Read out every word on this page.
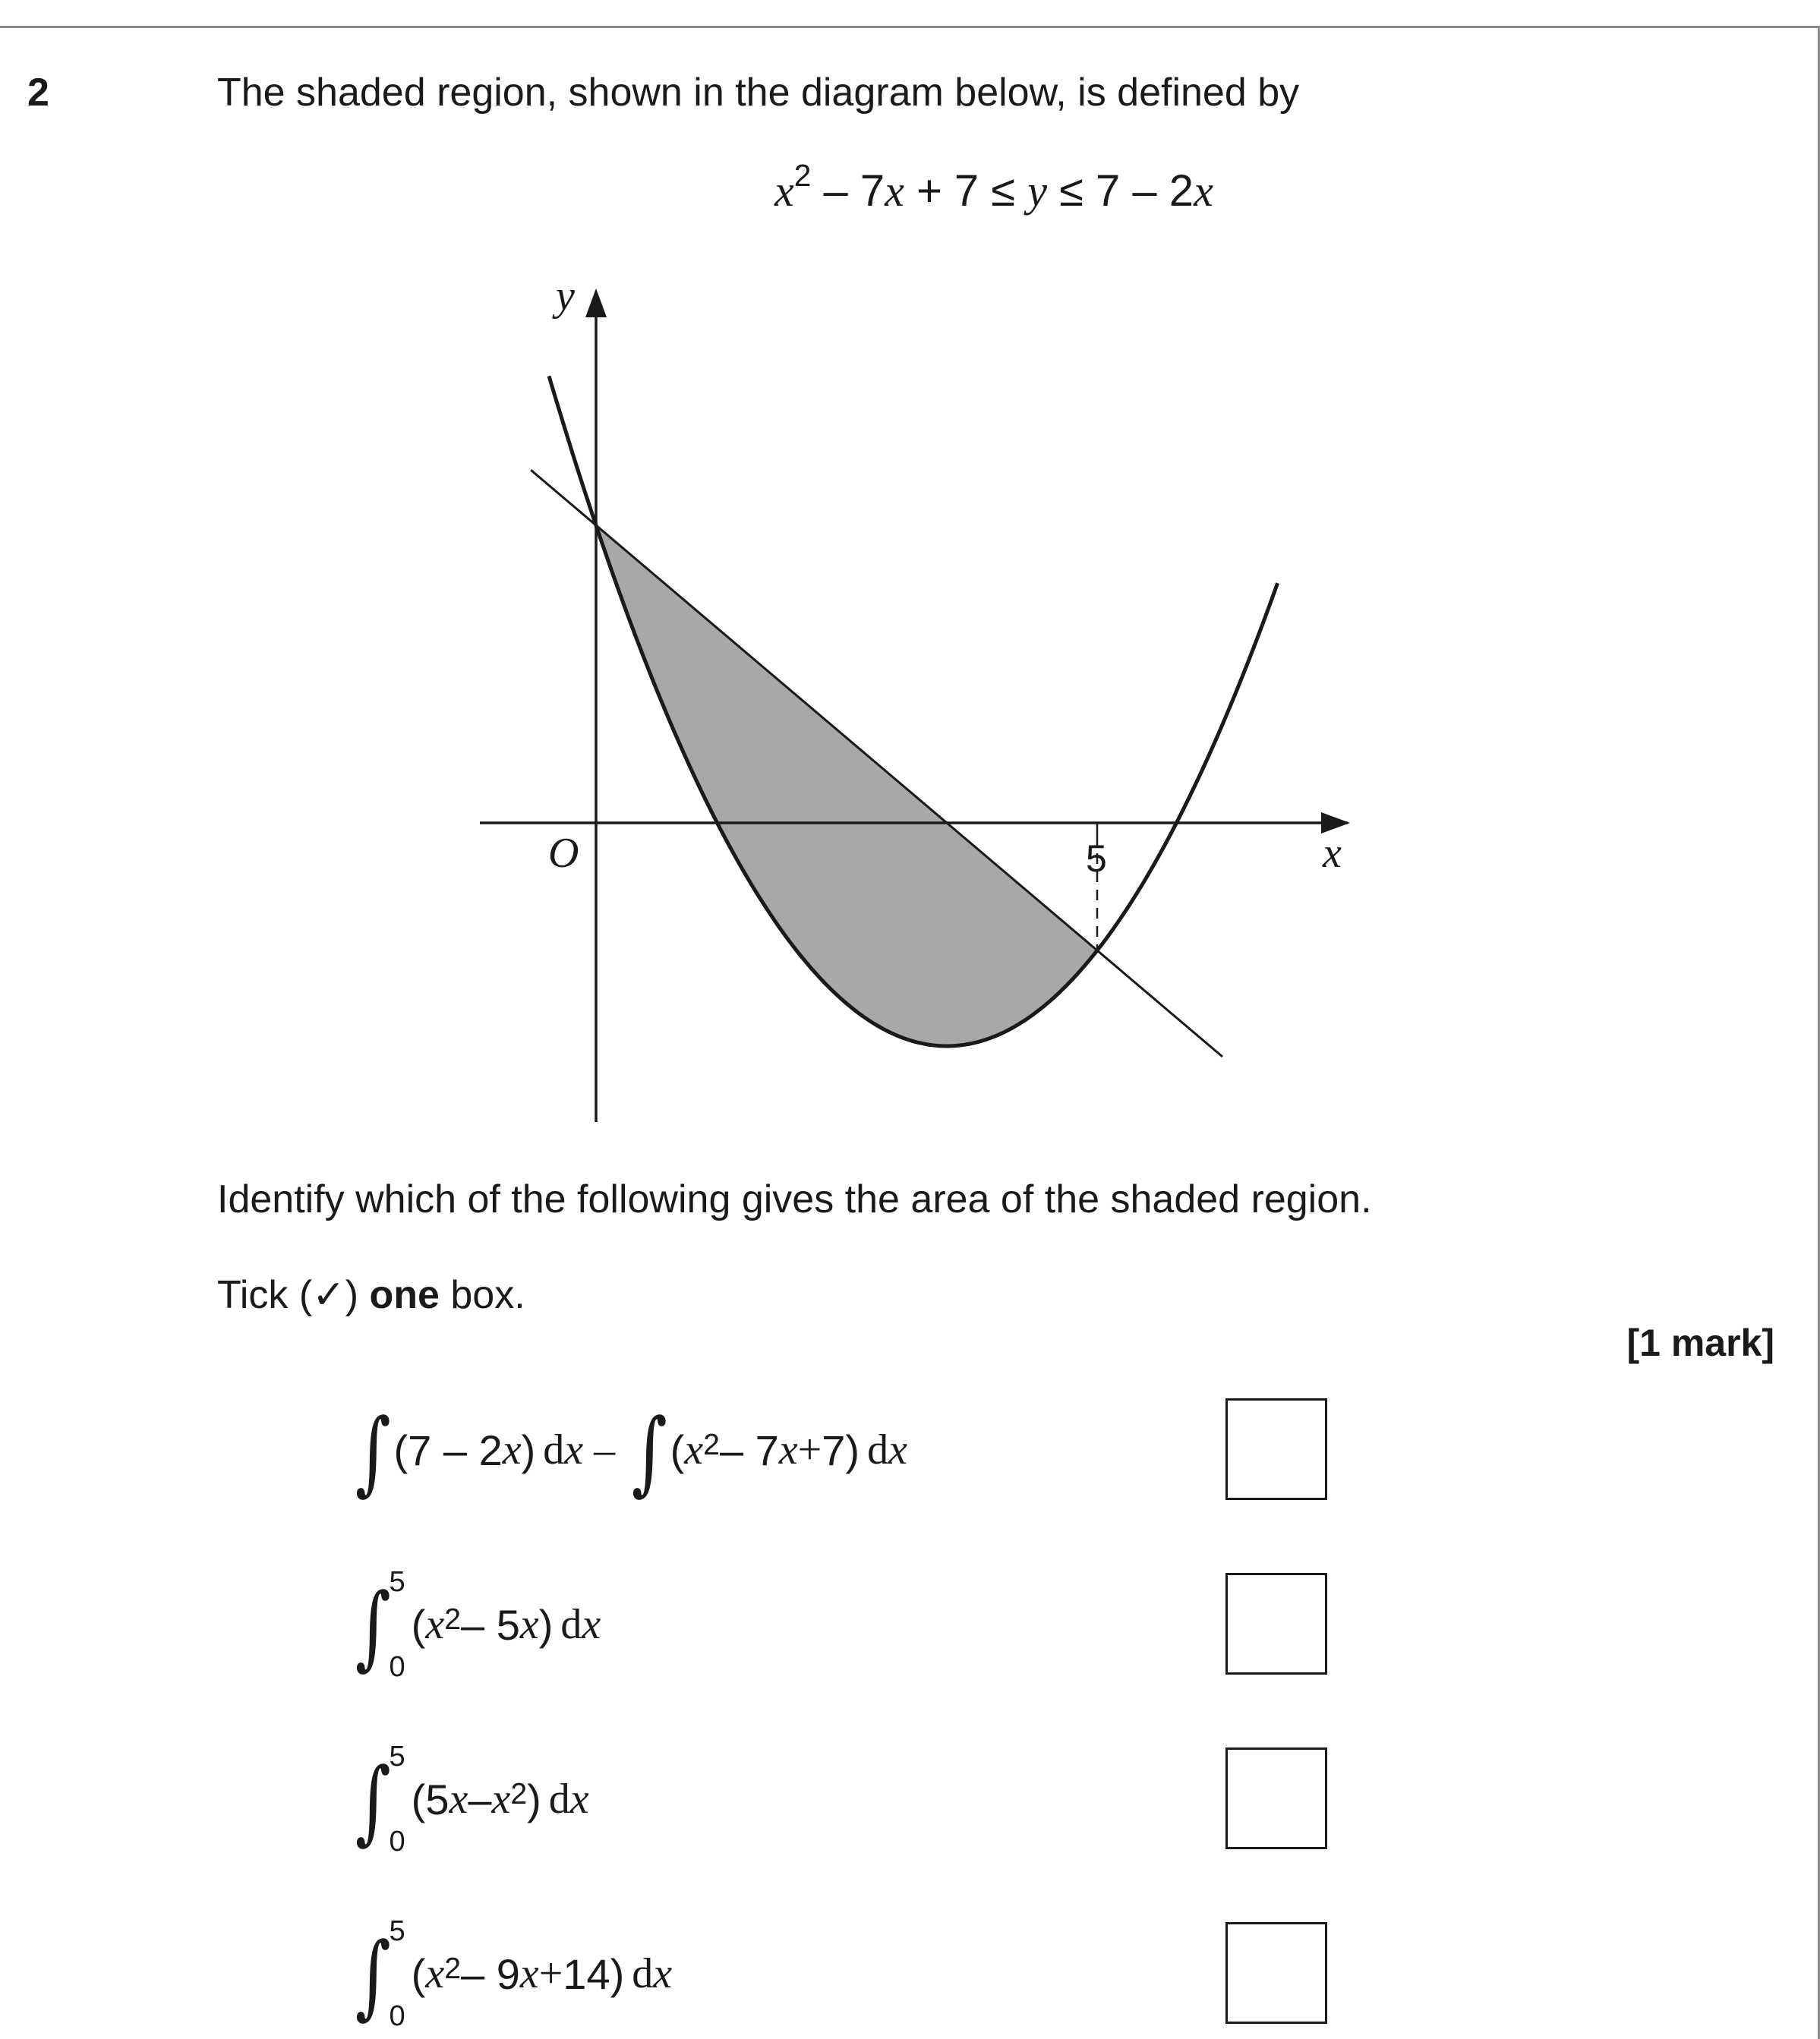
2	The shaded region, shown in the diagram below, is defined by
$x^2 - 7x + 7 \le y \le 7 - 2x$
y
x
O	5
Identify which of the following gives the area of the shaded region.
Tick (✓) one box.
[1 mark]
∫ (7 – 2 x ) dx – ∫ ( $x^2 - 7$ x + 7) dx
∫
5
0
( $x^2 - 5$ x ) dx
∫
5
0
(5 x – $x^2$ ) dx
∫
5
0
( $x^2 - 9$ x + 14) dx
